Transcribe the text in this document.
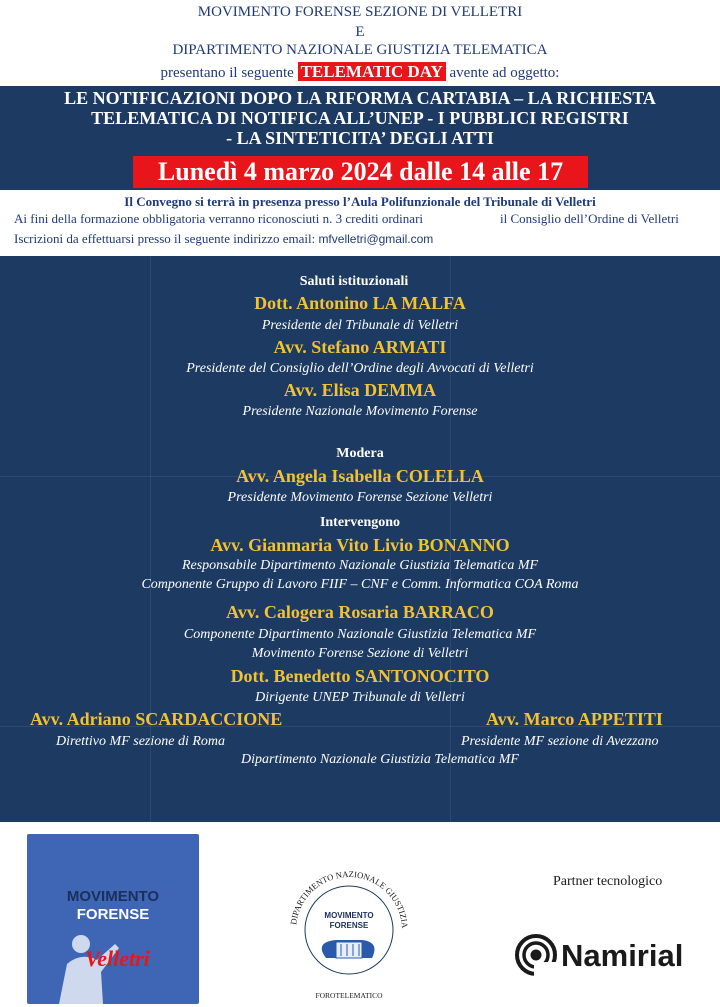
MOVIMENTO FORENSE SEZIONE DI VELLETRI
E
DIPARTIMENTO NAZIONALE GIUSTIZIA TELEMATICA
presentano il seguente TELEMATIC DAY avente ad oggetto:
LE NOTIFICAZIONI DOPO LA RIFORMA CARTABIA – LA RICHIESTA
TELEMATICA DI NOTIFICA ALL’UNEP - I PUBBLICI REGISTRI
- LA SINTETICITA’ DEGLI ATTI
Lunedì 4 marzo 2024 dalle 14 alle 17
Il Convegno si terrà in presenza presso l’Aula Polifunzionale del Tribunale di Velletri
Ai fini della formazione obbligatoria verranno riconosciuti n. 3 crediti ordinari	il Consiglio dell’Ordine di Velletri
Iscrizioni da effettuarsi presso il seguente indirizzo email: mfvelletri@gmail.com
Saluti istituzionali
Dott. Antonino LA MALFA
Presidente del Tribunale di Velletri
Avv. Stefano ARMATI
Presidente del Consiglio dell’Ordine degli Avvocati di Velletri
Avv. Elisa DEMMA
Presidente Nazionale Movimento Forense
Modera
Avv. Angela Isabella COLELLA
Presidente Movimento Forense Sezione Velletri
Intervengono
Avv. Gianmaria Vito Livio BONANNO
Responsabile Dipartimento Nazionale Giustizia Telematica MF
Componente Gruppo di Lavoro FIIF – CNF e Comm. Informatica COA Roma
Avv. Calogera Rosaria BARRACO
Componente Dipartimento Nazionale Giustizia Telematica MF
Movimento Forense Sezione di Velletri
Dott. Benedetto SANTONOCITO
Dirigente UNEP Tribunale di Velletri
Avv. Adriano SCARDACCIONE
Direttivo MF sezione di Roma
Avv. Marco APPETITI
Presidente MF sezione di Avezzano
Dipartimento Nazionale Giustizia Telematica MF
MOVIMENTO
FORENSE
Velletri
DIPARTIMENTO NAZIONALE GIUSTIZIA
MOVIMENTO
FORENSE
FOROTELEMATICO
Partner tecnologico
Namirial
